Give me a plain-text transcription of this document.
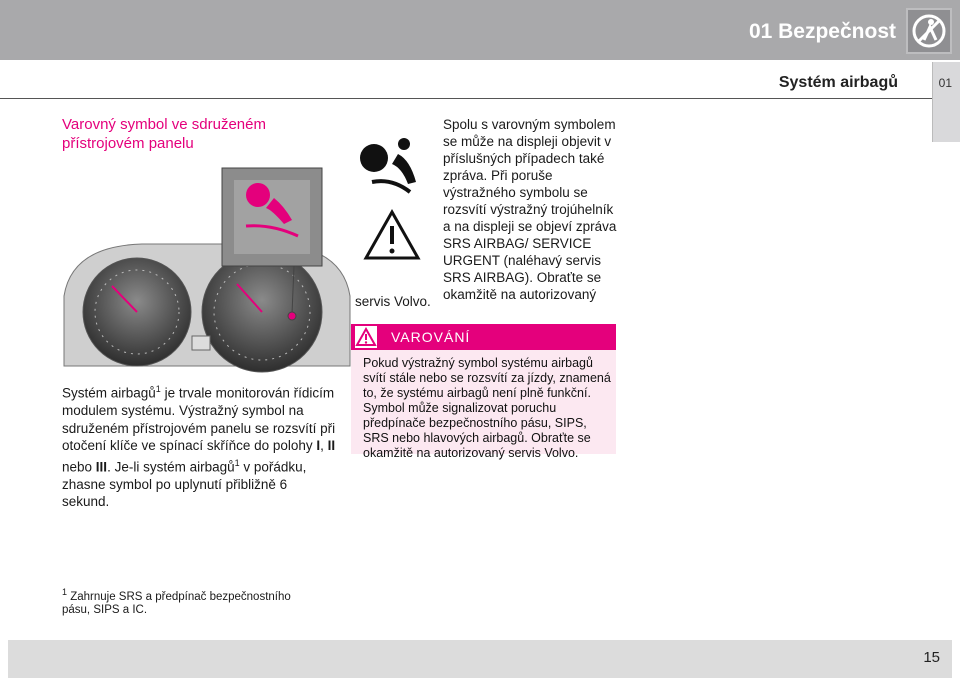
01 Bezpečnost
Systém airbagů	01
Varovný symbol ve sdruženém přístrojovém panelu
Systém airbagů$^1$ je trvale monitorován řídicím modulem systému. Výstražný symbol na sdruženém přístrojovém panelu se rozsvítí při otočení klíče ve spínací skříňce do polohy I, II nebo III. Je-li systém airbagů$^1$ v pořádku, zhasne symbol po uplynutí přibližně 6 sekund.
Spolu s varovným symbolem se může na displeji objevit v příslušných případech také zpráva. Při poruše výstražného symbolu se rozsvítí výstražný trojúhelník a na displeji se objeví zpráva SRS AIRBAG/ SERVICE URGENT (naléhavý servis SRS AIRBAG). Obraťte se okamžitě na autorizovaný
servis Volvo.
VAROVÁNÍ
Pokud výstražný symbol systému airbagů svítí stále nebo se rozsvítí za jízdy, znamená to, že systému airbagů není plně funkční. Symbol může signalizovat poruchu předpínače bezpečnostního pásu, SIPS, SRS nebo hlavových airbagů. Obraťte se okamžitě na autorizovaný servis Volvo.
$^1$ Zahrnuje SRS a předpínač bezpečnostního pásu, SIPS a IC.
15
